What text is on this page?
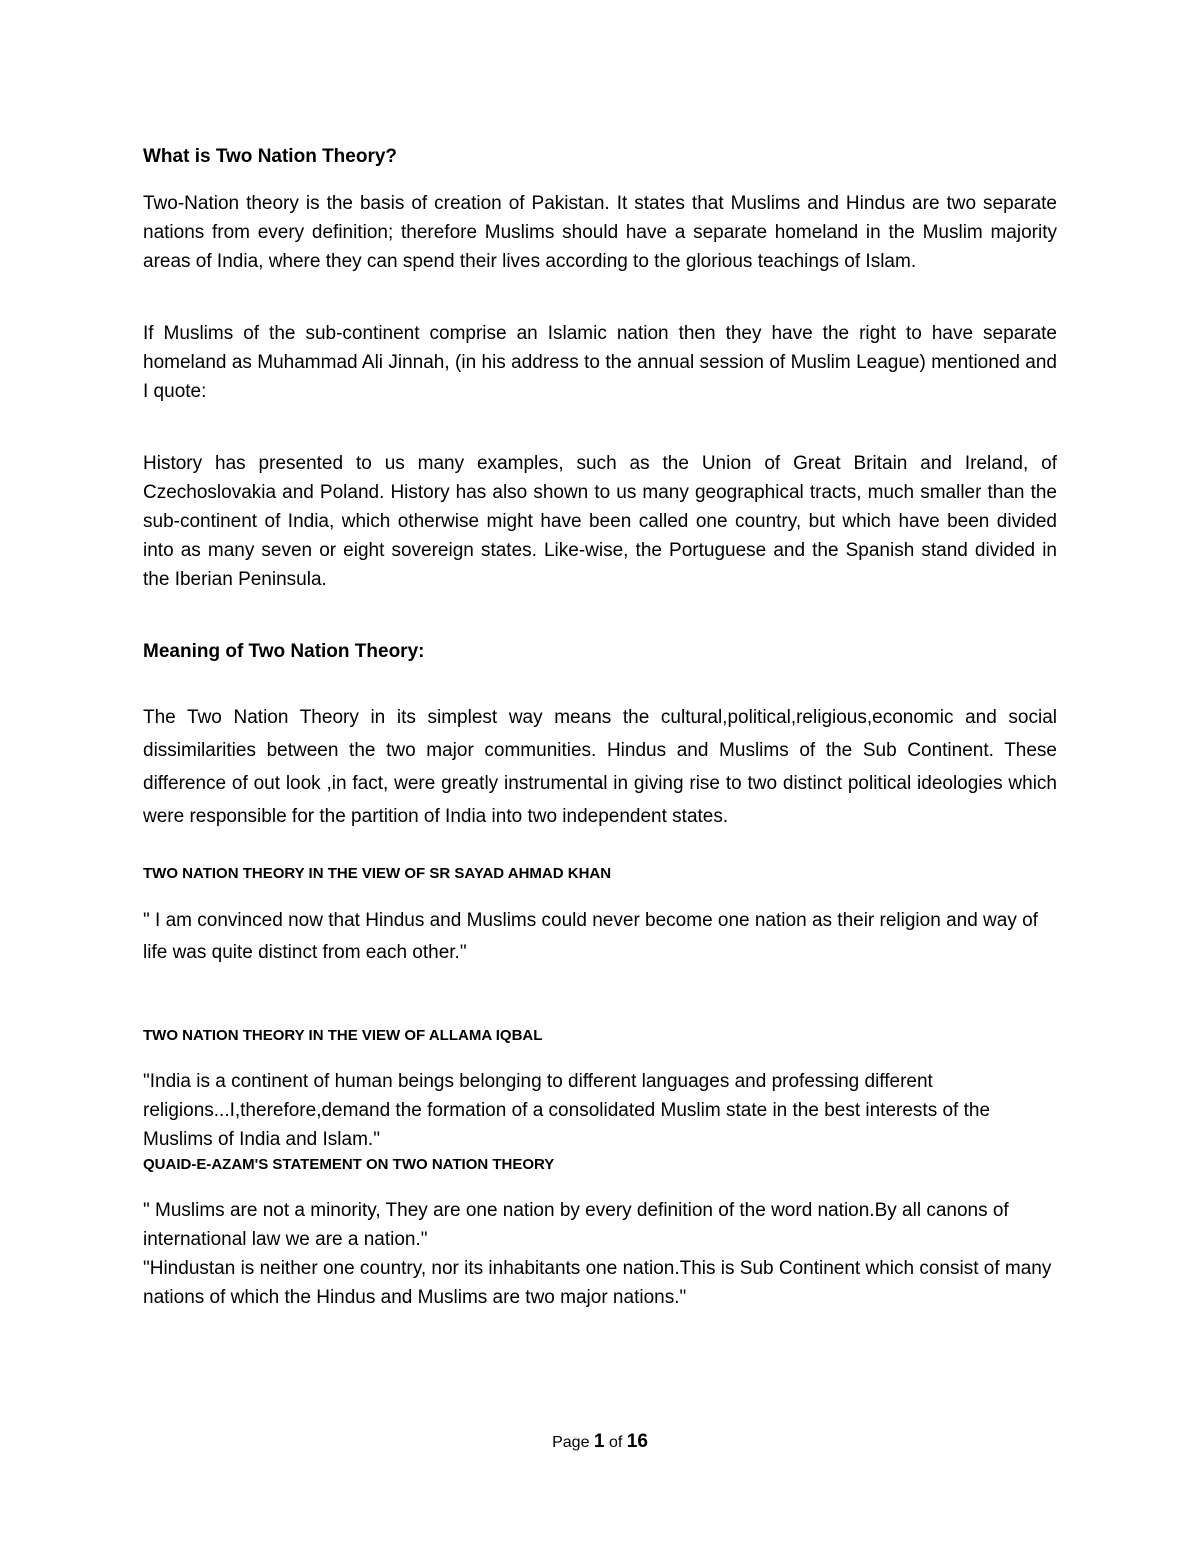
What is Two Nation Theory?

Two-Nation theory is the basis of creation of Pakistan. It states that Muslims and Hindus are two separate nations from every definition; therefore Muslims should have a separate homeland in the Muslim majority areas of India, where they can spend their lives according to the glorious teachings of Islam.

If Muslims of the sub-continent comprise an Islamic nation then they have the right to have separate homeland as Muhammad Ali Jinnah, (in his address to the annual session of Muslim League) mentioned and I quote:

History has presented to us many examples, such as the Union of Great Britain and Ireland, of Czechoslovakia and Poland. History has also shown to us many geographical tracts, much smaller than the sub-continent of India, which otherwise might have been called one country, but which have been divided into as many seven or eight sovereign states. Like-wise, the Portuguese and the Spanish stand divided in the Iberian Peninsula.

Meaning of Two Nation Theory:

The Two Nation Theory in its simplest way means the cultural,political,religious,economic and social dissimilarities between the two major communities. Hindus and Muslims of the Sub Continent. These difference of out look ,in fact, were greatly instrumental in giving rise to two distinct political ideologies which were responsible for the partition of India into two independent states.

TWO NATION THEORY IN THE VIEW OF SR SAYAD AHMAD KHAN

" I am convinced now that Hindus and Muslims could never become one nation as their religion and way of life was quite distinct from each other."

TWO NATION THEORY IN THE VIEW OF ALLAMA IQBAL

"India is a continent of human beings belonging to different languages and professing different religions...I,therefore,demand the formation of a consolidated Muslim state in the best interests of the Muslims of India and Islam."

QUAID-E-AZAM'S STATEMENT ON TWO NATION THEORY

" Muslims are not a minority, They are one nation by every definition of the word nation.By all canons of international law we are a nation."

"Hindustan is neither one country, nor its inhabitants one nation.This is Sub Continent which consist of many nations of which the Hindus and Muslims are two major nations."

Page 1 of 16
